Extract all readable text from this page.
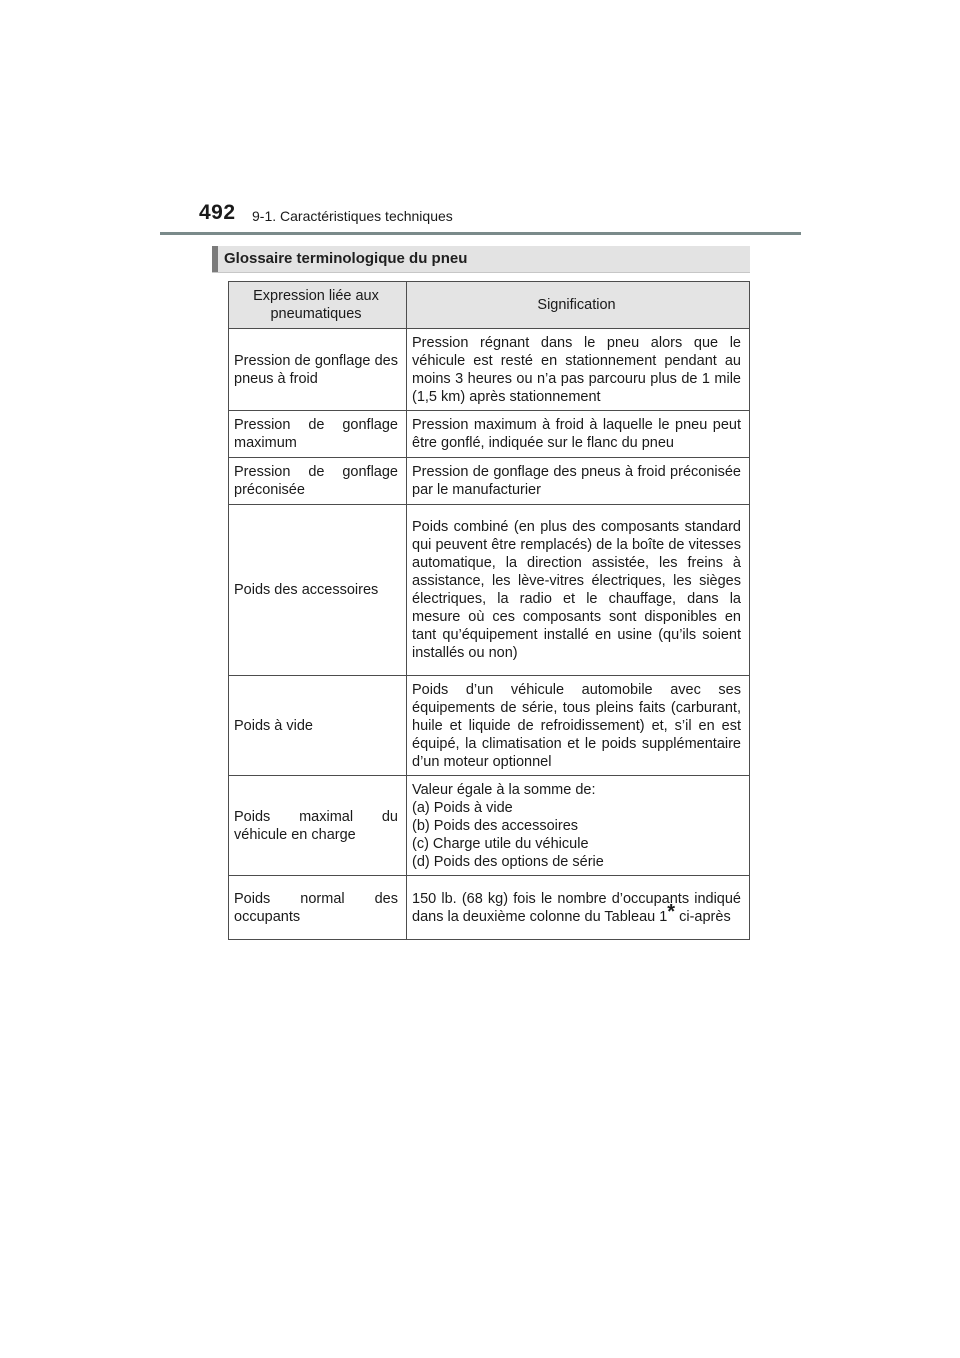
492 9-1. Caractéristiques techniques
Glossaire terminologique du pneu
Expression liée aux pneumatiques	Signification
Pression de gonflage des pneus à froid	Pression régnant dans le pneu alors que le véhicule est resté en stationnement pendant au moins 3 heures ou n’a pas parcouru plus de 1 mile (1,5 km) après stationnement
Pression de gonflage maximum	Pression maximum à froid à laquelle le pneu peut être gonflé, indiquée sur le flanc du pneu
Pression de gonflage préconisée	Pression de gonflage des pneus à froid préconisée par le manufacturier
Poids des accessoires	Poids combiné (en plus des composants standard qui peuvent être remplacés) de la boîte de vitesses automatique, la direction assistée, les freins à assistance, les lève-vitres électriques, les sièges électriques, la radio et le chauffage, dans la mesure où ces composants sont disponibles en tant qu’équipement installé en usine (qu’ils soient installés ou non)
Poids à vide	Poids d’un véhicule automobile avec ses équipements de série, tous pleins faits (carburant, huile et liquide de refroidissement) et, s’il en est équipé, la climatisation et le poids supplémentaire d’un moteur optionnel
Poids maximal du véhicule en charge	Valeur égale à la somme de:
(a) Poids à vide
(b) Poids des accessoires
(c) Charge utile du véhicule
(d) Poids des options de série
Poids normal des occupants	150 lb. (68 kg) fois le nombre d’occupants indiqué dans la deuxième colonne du Tableau 1* ci-après
